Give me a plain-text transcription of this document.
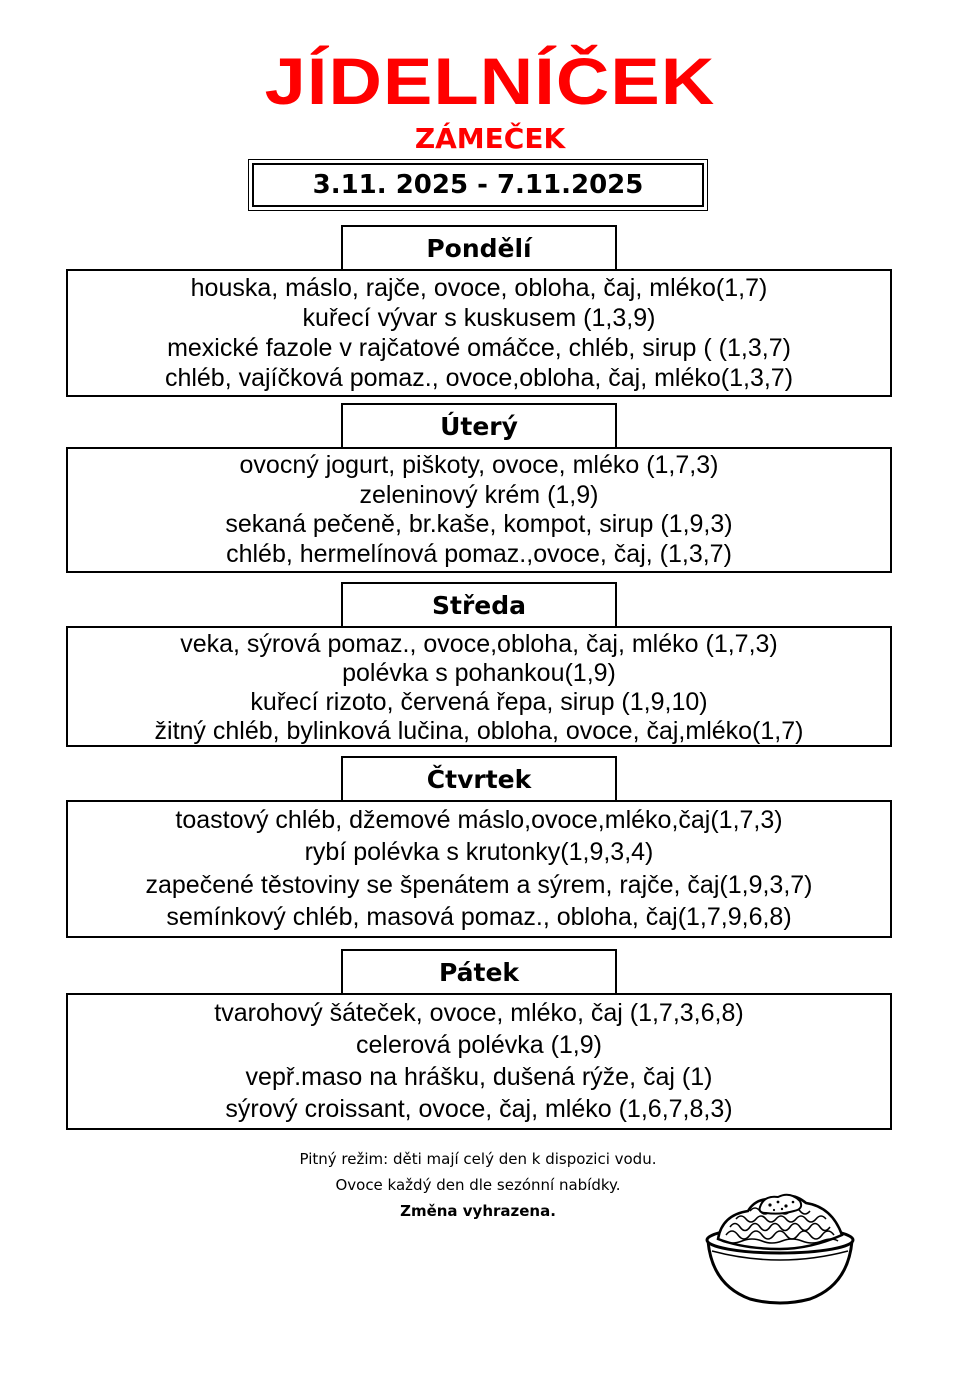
JÍDELNÍČEK
ZÁMEČEK
3.11. 2025 - 7.11.2025
Pondělí
houska, máslo, rajče, ovoce, obloha, čaj, mléko(1,7)
kuřecí vývar s kuskusem (1,3,9)
mexické fazole v rajčatové omáčce, chléb, sirup ( (1,3,7)
chléb, vajíčková pomaz., ovoce,obloha, čaj, mléko(1,3,7)
Úterý
ovocný jogurt, piškoty, ovoce, mléko (1,7,3)
zeleninový krém (1,9)
sekaná pečeně, br.kaše, kompot, sirup (1,9,3)
chléb, hermelínová pomaz.,ovoce, čaj, (1,3,7)
Středa
veka, sýrová pomaz., ovoce,obloha, čaj, mléko (1,7,3)
polévka s pohankou(1,9)
kuřecí rizoto, červená řepa, sirup (1,9,10)
žitný chléb, bylinková lučina, obloha, ovoce, čaj,mléko(1,7)
Čtvrtek
toastový chléb, džemové máslo,ovoce,mléko,čaj(1,7,3)
rybí polévka s krutonky(1,9,3,4)
zapečené těstoviny se špenátem a sýrem, rajče, čaj(1,9,3,7)
semínkový chléb, masová pomaz., obloha, čaj(1,7,9,6,8)
Pátek
tvarohový šáteček, ovoce, mléko, čaj (1,7,3,6,8)
celerová polévka (1,9)
vepř.maso na hrášku, dušená rýže, čaj (1)
sýrový croissant, ovoce, čaj, mléko (1,6,7,8,3)
Pitný režim: děti mají celý den k dispozici vodu.
Ovoce každý den dle sezónní nabídky.
Změna vyhrazena.
